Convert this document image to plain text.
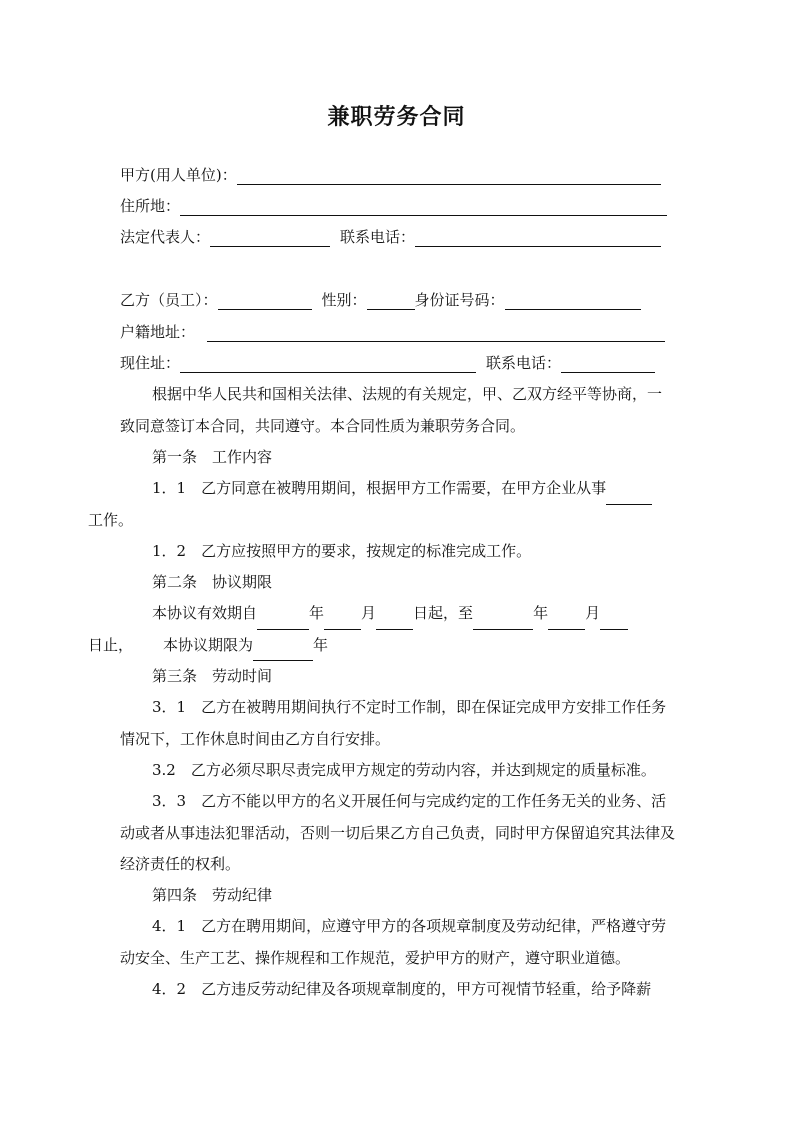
兼职劳务合同
甲方(用人单位)：
住所地：
法定代表人：	联系电话：
乙方（员工）：	性别：	身份证号码：
户籍地址：
现住址：	联系电话：
根据中华人民共和国相关法律、法规的有关规定，甲、乙双方经平等协商，一致同意签订本合同，共同遵守。本合同性质为兼职劳务合同。
第一条　工作内容
1．1　乙方同意在被聘用期间，根据甲方工作需要，在甲方企业从事
工作。
1．2　乙方应按照甲方的要求，按规定的标准完成工作。
第二条　协议期限
本协议有效期自	年 月 日起，至	年 月
日止， 本协议期限为	年
第三条　劳动时间
3．1　乙方在被聘用期间执行不定时工作制，即在保证完成甲方安排工作任务情况下，工作休息时间由乙方自行安排。
3.2　乙方必须尽职尽责完成甲方规定的劳动内容，并达到规定的质量标准。
3．3　乙方不能以甲方的名义开展任何与完成约定的工作任务无关的业务、活动或者从事违法犯罪活动，否则一切后果乙方自己负责，同时甲方保留追究其法律及经济责任的权利。
第四条　劳动纪律
4．1　乙方在聘用期间，应遵守甲方的各项规章制度及劳动纪律，严格遵守劳动安全、生产工艺、操作规程和工作规范，爱护甲方的财产，遵守职业道德。
4．2　乙方违反劳动纪律及各项规章制度的，甲方可视情节轻重，给予降薪
